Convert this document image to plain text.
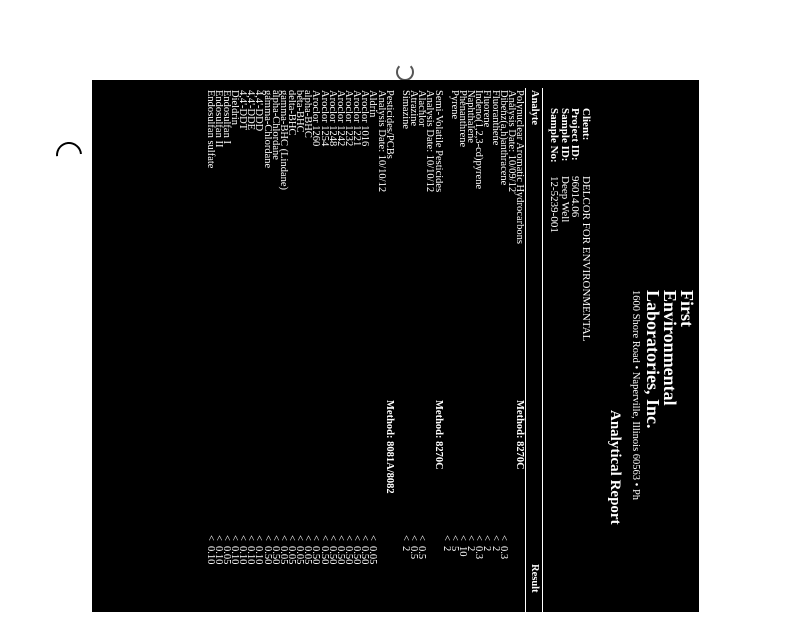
First
Environmental
Laboratories, Inc.
1600 Shore Road • Naperville, Illinois 60563 • Ph
Analytical Report
Client:
DELCOR FOR ENVIRONMENTAL
Project ID:
96014.06
Sample ID:
Deep Well
Sample No:
12-5239-001
Analyte
Result
Polynuclear Aromatic Hydrocarbons
Method: 8270C
Analysis Date: 10/09/12
Dibenz(a,h)anthracene
<
0.3
Fluoranthene
<
2
Fluorene
<
2
Indeno(1,2,3-cd)pyrene
<
0.3
Naphthalene
<
2
Phenanthrene
<
10
Pyrene
<
5
<
2
Semi-Volatile Pesticides
Method: 8270C
Analysis Date: 10/10/12
Alachlor
<
0.5
Atrazine
<
0.5
Simazine
<
2
Pesticides/PCBs
Method: 8081A/8082
Analysis Date: 10/10/12
Aldrin
<
0.05
Aroclor 1016
<
0.50
Aroclor 1221
<
0.50
Aroclor 1232
<
0.50
Aroclor 1242
<
0.50
Aroclor 1248
<
0.50
Aroclor 1254
<
0.50
Aroclor 1260
<
0.50
alpha-BHC
<
0.05
beta-BHC
<
0.05
delta-BHC
<
0.05
gamma-BHC (Lindane)
<
0.05
alpha-Chlordane
<
0.50
gamma-Chlordane
<
0.50
4,4'-DDD
<
0.10
4,4'-DDE
<
0.10
4,4'-DDT
<
0.10
Dieldrin
<
0.10
Endosulfan I
<
0.05
Endosulfan II
<
0.10
Endosulfan sulfate
<
0.10
